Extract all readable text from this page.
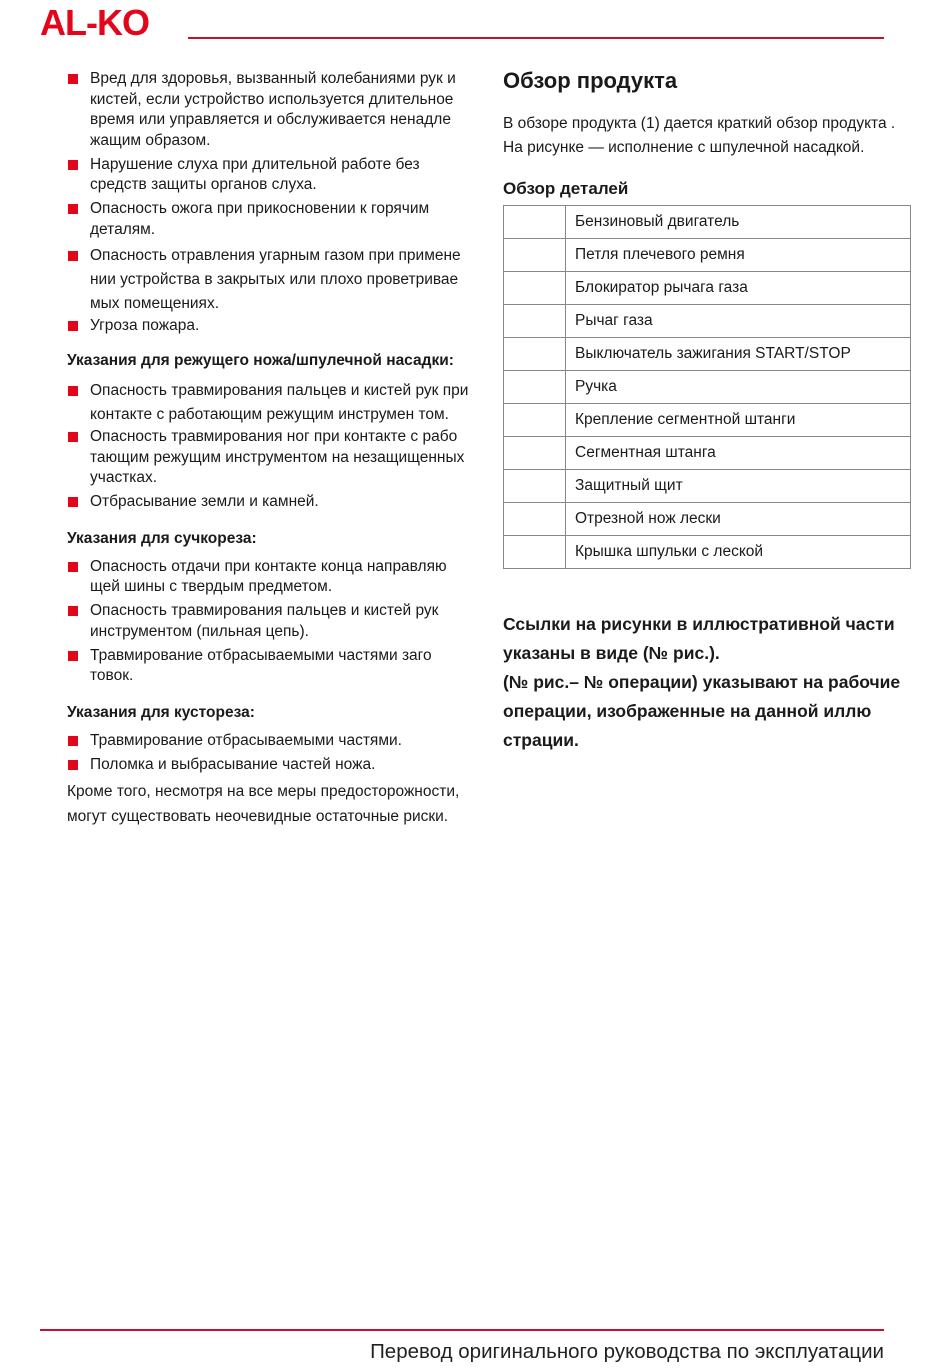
AL-KO
Вред для здоровья, вызванный колебаниями рук и кистей, если устройство используется длительное время или управляется и обслуживается ненадле жащим образом.
Нарушение слуха при длительной работе без средств защиты органов слуха.
Опасность ожога при прикосновении к горячим деталям.
Опасность отравления угарным газом при примене нии устройства в закрытых или плохо проветривае мых помещениях.
Угроза пожара.
Указания для режущего ножа/шпулечной насадки:
Опасность травмирования пальцев и кистей рук при контакте с работающим режущим инструмен том.
Опасность травмирования ног при контакте с рабо тающим режущим инструментом на незащищенных участках.
Отбрасывание земли и камней.
Указания для сучкореза:
Опасность отдачи при контакте конца направляю щей шины с твердым предметом.
Опасность травмирования пальцев и кистей рук инструментом (пильная цепь).
Травмирование отбрасываемыми частями заго товок.
Указания для кустореза:
Травмирование отбрасываемыми частями.
Поломка и выбрасывание частей ножа.

Кроме того, несмотря на все меры предосторожности,

могут существовать неочевидные остаточные риски.

Обзор продукта

В обзоре продукта (1) дается краткий обзор продукта .

На рисунке — исполнение с шпулечной насадкой.

Обзор деталей
	Бензиновый двигатель
	Петля плечевого ремня
	Блокиратор рычага газа
	Рычаг газа
	Выключатель зажигания START/STOP
	Ручка
	Крепление сегментной штанги
	Сегментная штанга
	Защитный щит
	Отрезной нож лески
	Крышка шпульки с леской

Ссылки на рисунки в иллюстративной части

указаны в виде (№ рис.).

(№ рис.– № операции) указывают на рабочие

операции, изображенные на данной иллю

страции.

Перевод оригинального руководства по эксплуатации
